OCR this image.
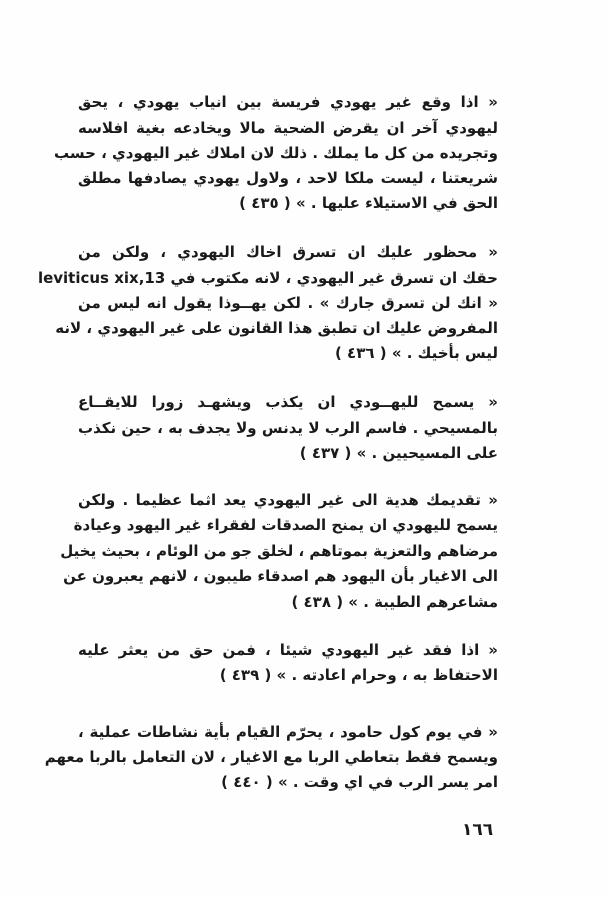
« اذا وقع غير يهودي فريسة بين انياب يهودي ، يحق
ليهودي آخر ان يقرض الضحية مالا ويخادعه بغية افلاسه
وتجريده من كل ما يملك . ذلك لان املاك غير اليهودي ، حسب
شريعتنا ، ليست ملكا لاحد ، ولاول يهودي يصادفها مطلق
الحق في الاستيلاء عليها . » ( ٤٣٥ )
« محظور عليك ان تسرق اخاك اليهودي ، ولكن من
حقك ان تسرق غير اليهودي ، لانه مكتوب في leviticus xix,13
« انك لن تسرق جارك » . لكن يهــوذا يقول انه ليس من
المفروض عليك ان تطبق هذا القانون على غير اليهودي ، لانه
ليس بأخيك . » ( ٤٣٦ )
« يسمح لليهــودي ان يكذب ويشهـد زورا للايقــاع
بالمسيحي . فاسم الرب لا يدنس ولا يجدف به ، حين نكذب
على المسيحيين . » ( ٤٣٧ )
« تقديمك هدية الى غير اليهودي يعد اثما عظيما . ولكن
يسمح لليهودي ان يمنح الصدقات لفقراء غير اليهود وعيادة
مرضاهم والتعزية بموتاهم ، لخلق جو من الوئام ، بحيث يخيل
الى الاغيار بأن اليهود هم اصدقاء طيبون ، لانهم يعبرون عن
مشاعرهم الطيبة . » ( ٤٣٨ )
« اذا فقد غير اليهودي شيئا ، فمن حق من يعثر عليه
الاحتفاظ به ، وحرام اعادته . » ( ٤٣٩ )
« في يوم كول حامود ، يحرّم القيام بأية نشاطات عملية ،
ويسمح فقط بتعاطي الربا مع الاغيار ، لان التعامل بالربا معهم
امر يسر الرب في اي وقت . » ( ٤٤٠ )
١٦٦
